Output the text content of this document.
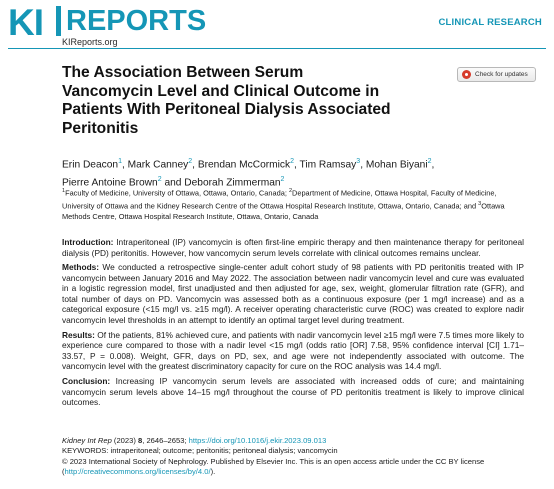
KI REPORTS
KIReports.org
CLINICAL RESEARCH
The Association Between Serum Vancomycin Level and Clinical Outcome in Patients With Peritoneal Dialysis Associated Peritonitis
Check for updates
Erin Deacon$^1$, Mark Canney$^2$, Brendan McCormick$^2$, Tim Ramsay$^3$, Mohan Biyani$^2$,
Pierre Antoine Brown$^2$ and Deborah Zimmerman$^2$
$^1$Faculty of Medicine, University of Ottawa, Ottawa, Ontario, Canada; $^2$Department of Medicine, Ottawa Hospital, Faculty of Medicine, University of Ottawa and the Kidney Research Centre of the Ottawa Hospital Research Institute, Ottawa, Ontario, Canada; and $^3$Ottawa Methods Centre, Ottawa Hospital Research Institute, Ottawa, Ontario, Canada

Introduction: Intraperitoneal (IP) vancomycin is often first-line empiric therapy and then maintenance therapy for peritoneal dialysis (PD) peritonitis. However, how vancomycin serum levels correlate with clinical outcomes remains unclear.

Methods: We conducted a retrospective single-center adult cohort study of 98 patients with PD peritonitis treated with IP vancomycin between January 2016 and May 2022. The association between nadir vancomycin level and cure was evaluated in a logistic regression model, first unadjusted and then adjusted for age, sex, weight, glomerular filtration rate (GFR), and total number of days on PD. Vancomycin was assessed both as a continuous exposure (per 1 mg/l increase) and as a categorical exposure (<15 mg/l vs. ≥15 mg/l). A receiver operating characteristic curve (ROC) was created to explore nadir vancomycin level thresholds in an attempt to identify an optimal target level during treatment.

Results: Of the patients, 81% achieved cure, and patients with nadir vancomycin level ≥15 mg/l were 7.5 times more likely to experience cure compared to those with a nadir level <15 mg/l (odds ratio [OR] 7.58, 95% confidence interval [CI] 1.71–33.57, P = 0.008). Weight, GFR, days on PD, sex, and age were not independently associated with outcome. The vancomycin level with the greatest discriminatory capacity for cure on the ROC analysis was 14.4 mg/l.

Conclusion: Increasing IP vancomycin serum levels are associated with increased odds of cure; and maintaining vancomycin serum levels above 14–15 mg/l throughout the course of PD peritonitis treatment is likely to improve clinical outcomes.

Kidney Int Rep (2023) 8, 2646–2653; https://doi.org/10.1016/j.ekir.2023.09.013
KEYWORDS: intraperitoneal; outcome; peritonitis; peritoneal dialysis; vancomycin
© 2023 International Society of Nephrology. Published by Elsevier Inc. This is an open access article under the CC BY license (http://creativecommons.org/licenses/by/4.0/).
